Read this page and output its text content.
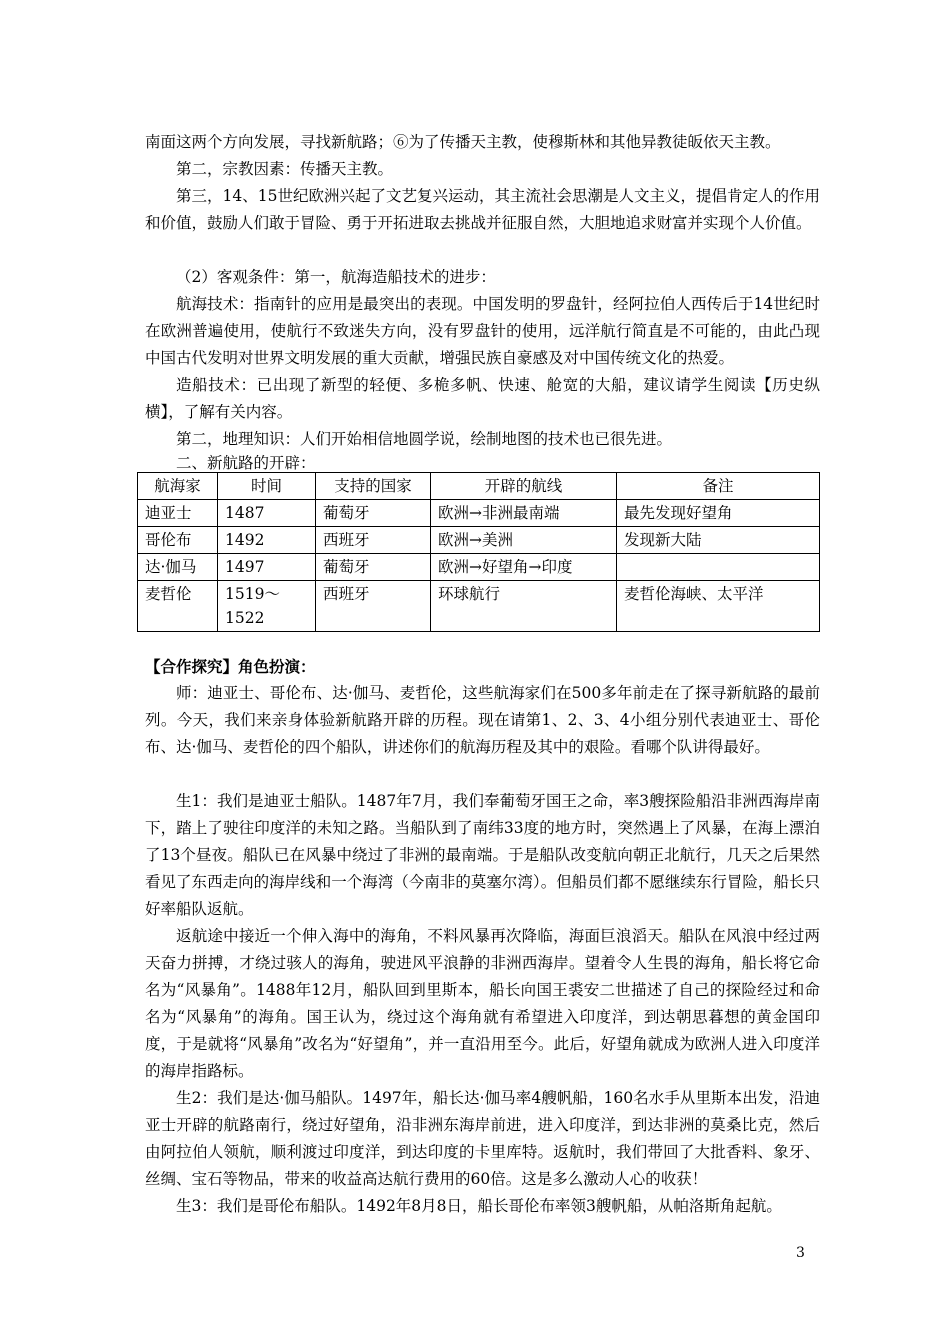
南面这两个方向发展，寻找新航路；⑥为了传播天主教，使穆斯林和其他异教徒皈依天主教。

第二，宗教因素：传播天主教。

第三，14、15世纪欧洲兴起了文艺复兴运动，其主流社会思潮是人文主义，提倡肯定人的作用和价值，鼓励人们敢于冒险、勇于开拓进取去挑战并征服自然，大胆地追求财富并实现个人价值。

（2）客观条件：第一，航海造船技术的进步：

航海技术：指南针的应用是最突出的表现。中国发明的罗盘针，经阿拉伯人西传后于14世纪时在欧洲普遍使用，使航行不致迷失方向，没有罗盘针的使用，远洋航行简直是不可能的，由此凸现中国古代发明对世界文明发展的重大贡献，增强民族自豪感及对中国传统文化的热爱。

造船技术：已出现了新型的轻便、多桅多帆、快速、舱宽的大船，建议请学生阅读【历史纵横】，了解有关内容。

第二，地理知识：人们开始相信地圆学说，绘制地图的技术也已很先进。

二、新航路的开辟：

航海家	时间	支持的国家	开辟的航线	备注
迪亚士	1487	葡萄牙	欧洲→非洲最南端	最先发现好望角
哥伦布	1492	西班牙	欧洲→美洲	发现新大陆
达·伽马	1497	葡萄牙	欧洲→好望角→印度	
麦哲伦	1519～1522	西班牙	环球航行	麦哲伦海峡、太平洋

【合作探究】角色扮演：

师：迪亚士、哥伦布、达·伽马、麦哲伦，这些航海家们在500多年前走在了探寻新航路的最前列。今天，我们来亲身体验新航路开辟的历程。现在请第1、2、3、4小组分别代表迪亚士、哥伦布、达·伽马、麦哲伦的四个船队，讲述你们的航海历程及其中的艰险。看哪个队讲得最好。

生1：我们是迪亚士船队。1487年7月，我们奉葡萄牙国王之命，率3艘探险船沿非洲西海岸南下，踏上了驶往印度洋的未知之路。当船队到了南纬33度的地方时，突然遇上了风暴，在海上漂泊了13个昼夜。船队已在风暴中绕过了非洲的最南端。于是船队改变航向朝正北航行，几天之后果然看见了东西走向的海岸线和一个海湾（今南非的莫塞尔湾）。但船员们都不愿继续东行冒险，船长只好率船队返航。

返航途中接近一个伸入海中的海角，不料风暴再次降临，海面巨浪滔天。船队在风浪中经过两天奋力拼搏，才绕过骇人的海角，驶进风平浪静的非洲西海岸。望着令人生畏的海角，船长将它命名为“风暴角”。1488年12月，船队回到里斯本，船长向国王裘安二世描述了自己的探险经过和命名为“风暴角”的海角。国王认为，绕过这个海角就有希望进入印度洋，到达朝思暮想的黄金国印度，于是就将“风暴角”改名为“好望角”，并一直沿用至今。此后，好望角就成为欧洲人进入印度洋的海岸指路标。

生2：我们是达·伽马船队。1497年，船长达·伽马率4艘帆船，160名水手从里斯本出发，沿迪亚士开辟的航路南行，绕过好望角，沿非洲东海岸前进，进入印度洋，到达非洲的莫桑比克，然后由阿拉伯人领航，顺利渡过印度洋，到达印度的卡里库特。返航时，我们带回了大批香料、象牙、丝绸、宝石等物品，带来的收益高达航行费用的60倍。这是多么激动人心的收获！

生3：我们是哥伦布船队。1492年8月8日，船长哥伦布率领3艘帆船，从帕洛斯角起航。

3
